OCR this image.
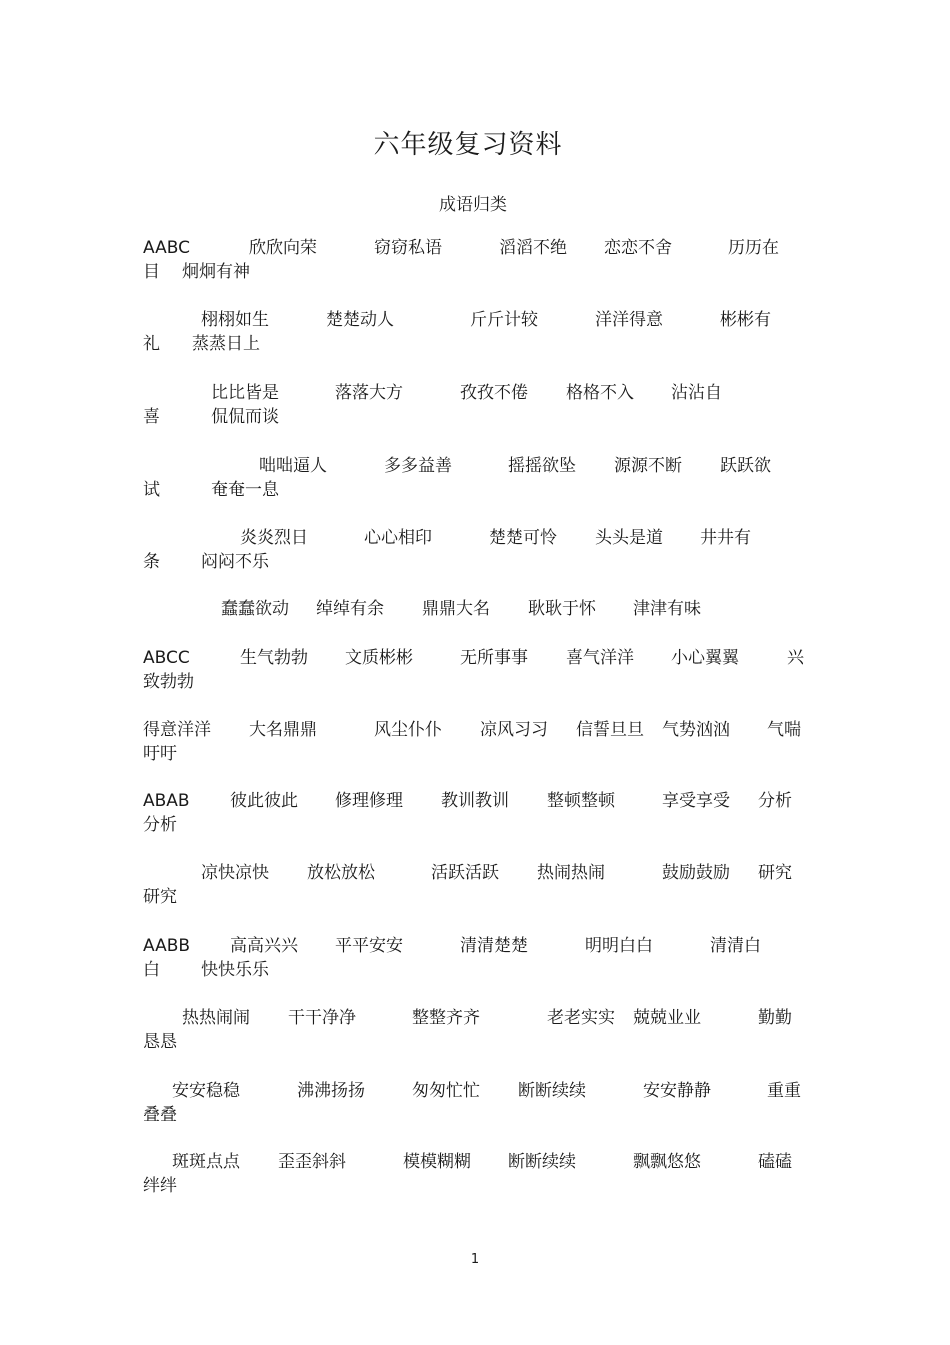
六年级复习资料
成语归类
AABC	欣欣向荣	窃窃私语	滔滔不绝 恋恋不舍	历历在
目 炯炯有神
栩栩如生	楚楚动人	斤斤计较	洋洋得意	彬彬有
礼 蒸蒸日上
比比皆是	落落大方	孜孜不倦 格格不入 沾沾自
喜	侃侃而谈
咄咄逼人	多多益善	摇摇欲坠 源源不断 跃跃欲
试	奄奄一息
炎炎烈日	心心相印	楚楚可怜 头头是道 井井有
条 闷闷不乐
蠢蠢欲动 绰绰有余 鼎鼎大名 耿耿于怀 津津有味
ABCC	生气勃勃 文质彬彬	无所事事 喜气洋洋 小心翼翼	兴
致勃勃
得意洋洋 大名鼎鼎	风尘仆仆 凉风习习 信誓旦旦 气势汹汹 气喘
吁吁
ABAB 彼此彼此 修理修理 教训教训 整顿整顿	享受享受 分析
分析
凉快凉快 放松放松	活跃活跃 热闹热闹	鼓励鼓励 研究
研究
AABB 高高兴兴 平平安安	清清楚楚	明明白白	清清白
白 快快乐乐
热热闹闹 干干净净	整整齐齐	老老实实 兢兢业业	勤勤
恳恳
安安稳稳	沸沸扬扬	匆匆忙忙 断断续续	安安静静	重重
叠叠
斑斑点点 歪歪斜斜	模模糊糊 断断续续	飘飘悠悠	磕磕
绊绊
1
